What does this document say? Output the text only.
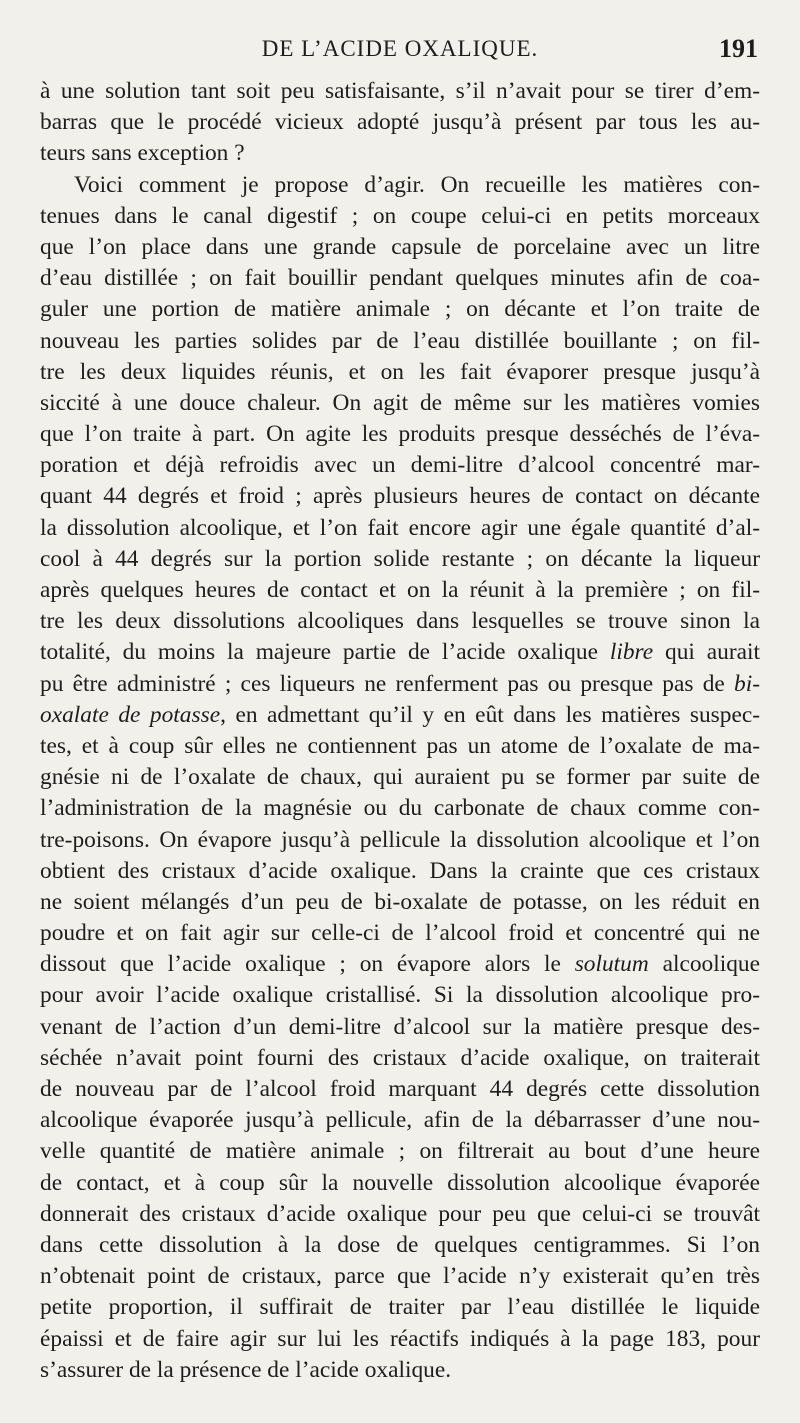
DE L’ACIDE OXALIQUE.	191
à une solution tant soit peu satisfaisante, s’il n’avait pour se tirer d’em-
barras que le procédé vicieux adopté jusqu’à présent par tous les au-
teurs sans exception ?
Voici comment je propose d’agir. On recueille les matières con-
tenues dans le canal digestif ; on coupe celui-ci en petits morceaux
que l’on place dans une grande capsule de porcelaine avec un litre
d’eau distillée ; on fait bouillir pendant quelques minutes afin de coa-
guler une portion de matière animale ; on décante et l’on traite de
nouveau les parties solides par de l’eau distillée bouillante ; on fil-
tre les deux liquides réunis, et on les fait évaporer presque jusqu’à
siccité à une douce chaleur. On agit de même sur les matières vomies
que l’on traite à part. On agite les produits presque desséchés de l’éva-
poration et déjà refroidis avec un demi-litre d’alcool concentré mar-
quant 44 degrés et froid ; après plusieurs heures de contact on décante
la dissolution alcoolique, et l’on fait encore agir une égale quantité d’al-
cool à 44 degrés sur la portion solide restante ; on décante la liqueur
après quelques heures de contact et on la réunit à la première ; on fil-
tre les deux dissolutions alcooliques dans lesquelles se trouve sinon la
totalité, du moins la majeure partie de l’acide oxalique libre qui aurait
pu être administré ; ces liqueurs ne renferment pas ou presque pas de bi-
oxalate de potasse, en admettant qu’il y en eût dans les matières suspec-
tes, et à coup sûr elles ne contiennent pas un atome de l’oxalate de ma-
gnésie ni de l’oxalate de chaux, qui auraient pu se former par suite de
l’administration de la magnésie ou du carbonate de chaux comme con-
tre-poisons. On évapore jusqu’à pellicule la dissolution alcoolique et l’on
obtient des cristaux d’acide oxalique. Dans la crainte que ces cristaux
ne soient mélangés d’un peu de bi-oxalate de potasse, on les réduit en
poudre et on fait agir sur celle-ci de l’alcool froid et concentré qui ne
dissout que l’acide oxalique ; on évapore alors le solutum alcoolique
pour avoir l’acide oxalique cristallisé. Si la dissolution alcoolique pro-
venant de l’action d’un demi-litre d’alcool sur la matière presque des-
séchée n’avait point fourni des cristaux d’acide oxalique, on traiterait
de nouveau par de l’alcool froid marquant 44 degrés cette dissolution
alcoolique évaporée jusqu’à pellicule, afin de la débarrasser d’une nou-
velle quantité de matière animale ; on filtrerait au bout d’une heure
de contact, et à coup sûr la nouvelle dissolution alcoolique évaporée
donnerait des cristaux d’acide oxalique pour peu que celui-ci se trouvât
dans cette dissolution à la dose de quelques centigrammes. Si l’on
n’obtenait point de cristaux, parce que l’acide n’y existerait qu’en très
petite proportion, il suffirait de traiter par l’eau distillée le liquide
épaissi et de faire agir sur lui les réactifs indiqués à la page 183, pour
s’assurer de la présence de l’acide oxalique.
